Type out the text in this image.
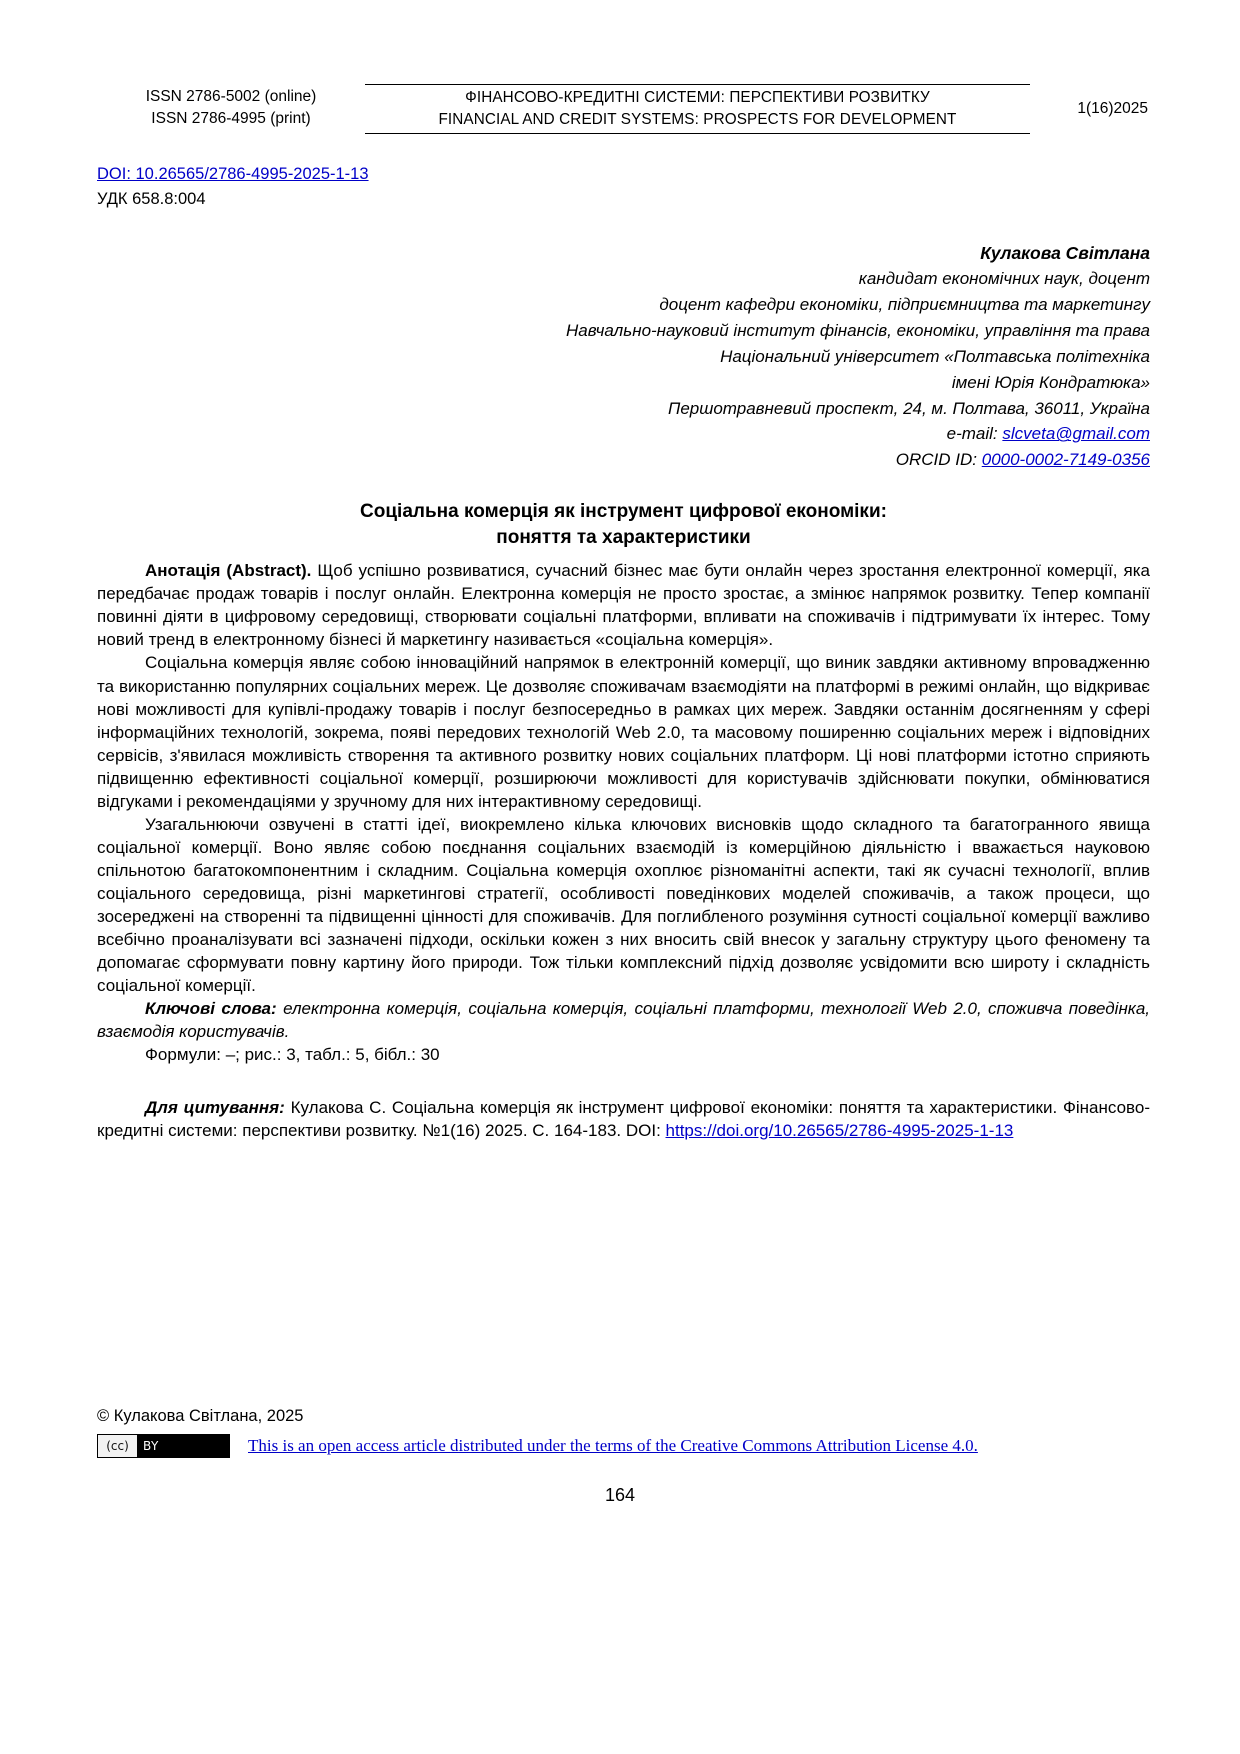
ISSN 2786-5002 (online)
ISSN 2786-4995 (print)
ФІНАНСОВО-КРЕДИТНІ СИСТЕМИ: ПЕРСПЕКТИВИ РОЗВИТКУ
FINANCIAL AND CREDIT SYSTEMS: PROSPECTS FOR DEVELOPMENT
1(16)2025
DOI: 10.26565/2786-4995-2025-1-13
УДК 658.8:004
Кулакова Світлана
кандидат економічних наук, доцент
доцент кафедри економіки, підприємництва та маркетингу
Навчально-науковий інститут фінансів, економіки, управління та права
Національний університет «Полтавська політехніка
імені Юрія Кондратюка»
Першотравневий проспект, 24, м. Полтава, 36011, Україна
e-mail: slcveta@gmail.com
ORCID ID: 0000-0002-7149-0356
Соціальна комерція як інструмент цифрової економіки:
поняття та характеристики

Анотація (Abstract). Щоб успішно розвиватися, сучасний бізнес має бути онлайн через зростання електронної комерції, яка передбачає продаж товарів і послуг онлайн. Електронна комерція не просто зростає, а змінює напрямок розвитку. Тепер компанії повинні діяти в цифровому середовищі, створювати соціальні платформи, впливати на споживачів і підтримувати їх інтерес. Тому новий тренд в електронному бізнесі й маркетингу називається «соціальна комерція».

Соціальна комерція являє собою інноваційний напрямок в електронній комерції, що виник завдяки активному впровадженню та використанню популярних соціальних мереж. Це дозволяє споживачам взаємодіяти на платформі в режимі онлайн, що відкриває нові можливості для купівлі-продажу товарів і послуг безпосередньо в рамках цих мереж. Завдяки останнім досягненням у сфері інформаційних технологій, зокрема, появі передових технологій Web 2.0, та масовому поширенню соціальних мереж і відповідних сервісів, з'явилася можливість створення та активного розвитку нових соціальних платформ. Ці нові платформи істотно сприяють підвищенню ефективності соціальної комерції, розширюючи можливості для користувачів здійснювати покупки, обмінюватися відгуками і рекомендаціями у зручному для них інтерактивному середовищі.

Узагальнюючи озвучені в статті ідеї, виокремлено кілька ключових висновків щодо складного та багатогранного явища соціальної комерції. Воно являє собою поєднання соціальних взаємодій із комерційною діяльністю і вважається науковою спільнотою багатокомпонентним і складним. Соціальна комерція охоплює різноманітні аспекти, такі як сучасні технології, вплив соціального середовища, різні маркетингові стратегії, особливості поведінкових моделей споживачів, а також процеси, що зосереджені на створенні та підвищенні цінності для споживачів. Для поглибленого розуміння сутності соціальної комерції важливо всебічно проаналізувати всі зазначені підходи, оскільки кожен з них вносить свій внесок у загальну структуру цього феномену та допомагає сформувати повну картину його природи. Тож тільки комплексний підхід дозволяє усвідомити всю широту і складність соціальної комерції.

Ключові слова: електронна комерція, соціальна комерція, соціальні платформи, технології Web 2.0, споживча поведінка, взаємодія користувачів.
Формули: –; рис.: 3, табл.: 5, бібл.: 30
Для цитування: Кулакова С. Соціальна комерція як інструмент цифрової економіки: поняття та характеристики. Фінансово-кредитні системи: перспективи розвитку. №1(16) 2025. С. 164-183. DOI: https://doi.org/10.26565/2786-4995-2025-1-13
© Кулакова Світлана, 2025
(cc)	BY	This is an open access article distributed under the terms of the Creative Commons Attribution License 4.0.
164
